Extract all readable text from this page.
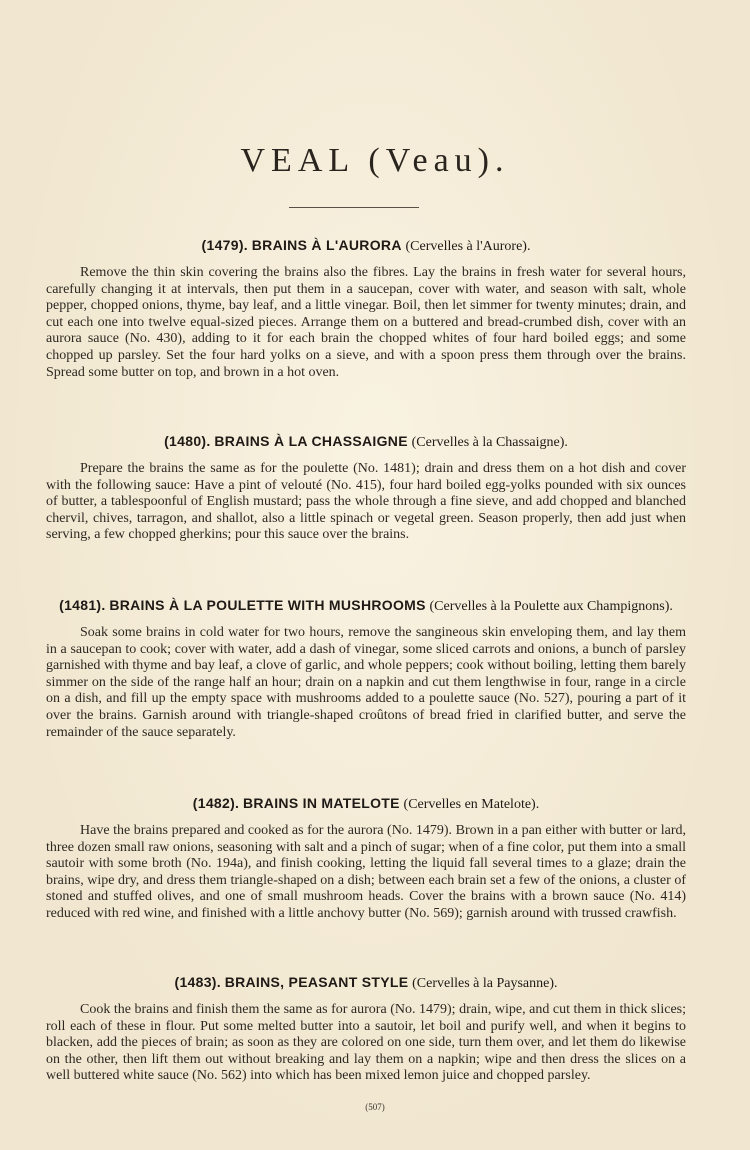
VEAL (Veau).
(1479). BRAINS À L'AURORA (Cervelles à l'Aurore).

Remove the thin skin covering the brains also the fibres. Lay the brains in fresh water for several hours, carefully changing it at intervals, then put them in a saucepan, cover with water, and season with salt, whole pepper, chopped onions, thyme, bay leaf, and a little vinegar. Boil, then let simmer for twenty minutes; drain, and cut each one into twelve equal-sized pieces. Arrange them on a buttered and bread-crumbed dish, cover with an aurora sauce (No. 430), adding to it for each brain the chopped whites of four hard boiled eggs; and some chopped up parsley. Set the four hard yolks on a sieve, and with a spoon press them through over the brains. Spread some butter on top, and brown in a hot oven.

(1480). BRAINS À LA CHASSAIGNE (Cervelles à la Chassaigne).

Prepare the brains the same as for the poulette (No. 1481); drain and dress them on a hot dish and cover with the following sauce: Have a pint of velouté (No. 415), four hard boiled egg-yolks pounded with six ounces of butter, a tablespoonful of English mustard; pass the whole through a fine sieve, and add chopped and blanched chervil, chives, tarragon, and shallot, also a little spinach or vegetal green. Season properly, then add just when serving, a few chopped gherkins; pour this sauce over the brains.

(1481). BRAINS À LA POULETTE WITH MUSHROOMS (Cervelles à la Poulette aux Champignons).

Soak some brains in cold water for two hours, remove the sangineous skin enveloping them, and lay them in a saucepan to cook; cover with water, add a dash of vinegar, some sliced carrots and onions, a bunch of parsley garnished with thyme and bay leaf, a clove of garlic, and whole peppers; cook without boiling, letting them barely simmer on the side of the range half an hour; drain on a napkin and cut them lengthwise in four, range in a circle on a dish, and fill up the empty space with mushrooms added to a poulette sauce (No. 527), pouring a part of it over the brains. Garnish around with triangle-shaped croûtons of bread fried in clarified butter, and serve the remainder of the sauce separately.

(1482). BRAINS IN MATELOTE (Cervelles en Matelote).

Have the brains prepared and cooked as for the aurora (No. 1479). Brown in a pan either with butter or lard, three dozen small raw onions, seasoning with salt and a pinch of sugar; when of a fine color, put them into a small sautoir with some broth (No. 194a), and finish cooking, letting the liquid fall several times to a glaze; drain the brains, wipe dry, and dress them triangle-shaped on a dish; between each brain set a few of the onions, a cluster of stoned and stuffed olives, and one of small mushroom heads. Cover the brains with a brown sauce (No. 414) reduced with red wine, and finished with a little anchovy butter (No. 569); garnish around with trussed crawfish.

(1483). BRAINS, PEASANT STYLE (Cervelles à la Paysanne).

Cook the brains and finish them the same as for aurora (No. 1479); drain, wipe, and cut them in thick slices; roll each of these in flour. Put some melted butter into a sautoir, let boil and purify well, and when it begins to blacken, add the pieces of brain; as soon as they are colored on one side, turn them over, and let them do likewise on the other, then lift them out without breaking and lay them on a napkin; wipe and then dress the slices on a well buttered white sauce (No. 562) into which has been mixed lemon juice and chopped parsley.

(507)
